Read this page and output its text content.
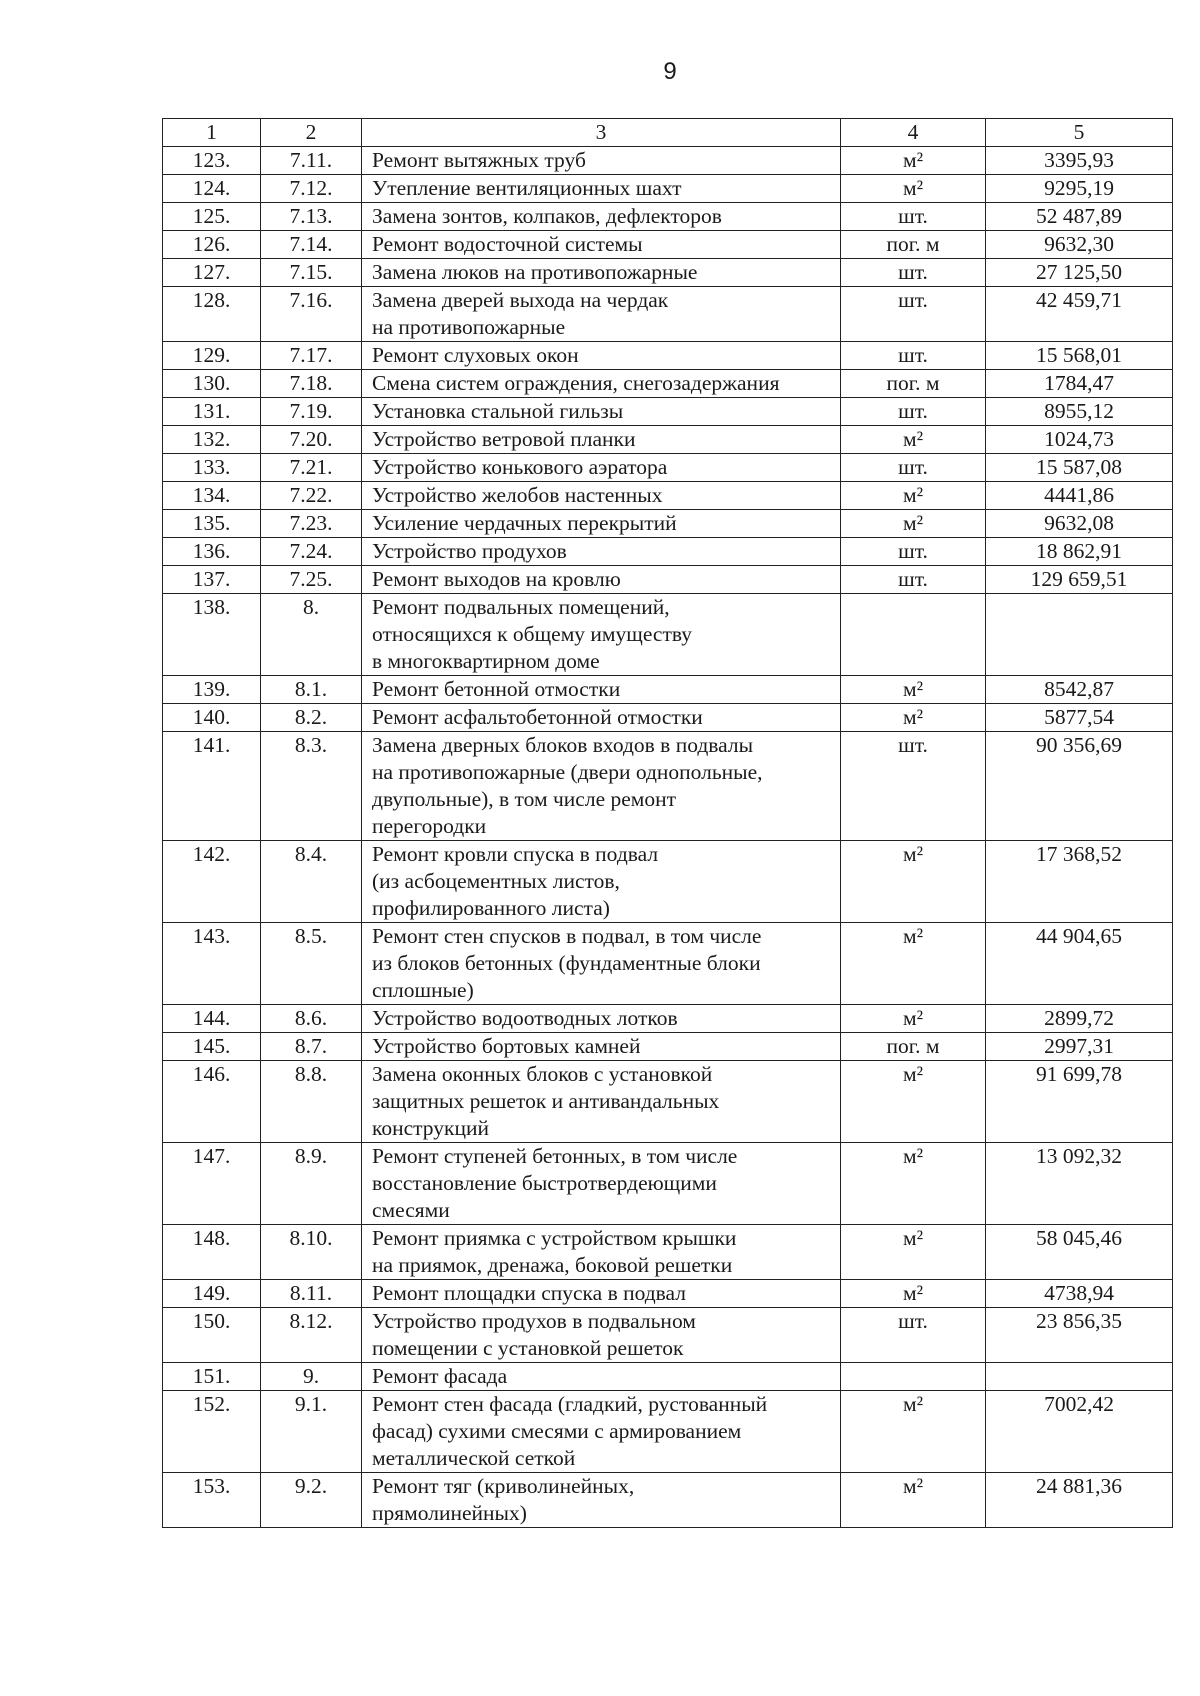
9
1	2	3	4	5
123.	7.11.	Ремонт вытяжных труб	м²	3395,93
124.	7.12.	Утепление вентиляционных шахт	м²	9295,19
125.	7.13.	Замена зонтов, колпаков, дефлекторов	шт.	52 487,89
126.	7.14.	Ремонт водосточной системы	пог. м	9632,30
127.	7.15.	Замена люков на противопожарные	шт.	27 125,50
128.	7.16.	Замена дверей выхода на чердак
на противопожарные	шт.	42 459,71
129.	7.17.	Ремонт слуховых окон	шт.	15 568,01
130.	7.18.	Смена систем ограждения, снегозадержания	пог. м	1784,47
131.	7.19.	Установка стальной гильзы	шт.	8955,12
132.	7.20.	Устройство ветровой планки	м²	1024,73
133.	7.21.	Устройство конькового аэратора	шт.	15 587,08
134.	7.22.	Устройство желобов настенных	м²	4441,86
135.	7.23.	Усиление чердачных перекрытий	м²	9632,08
136.	7.24.	Устройство продухов	шт.	18 862,91
137.	7.25.	Ремонт выходов на кровлю	шт.	129 659,51
138.	8.	Ремонт подвальных помещений,
относящихся к общему имуществу
в многоквартирном доме		
139.	8.1.	Ремонт бетонной отмостки	м²	8542,87
140.	8.2.	Ремонт асфальтобетонной отмостки	м²	5877,54
141.	8.3.	Замена дверных блоков входов в подвалы
на противопожарные (двери однопольные,
двупольные), в том числе ремонт
перегородки	шт.	90 356,69
142.	8.4.	Ремонт кровли спуска в подвал
(из асбоцементных листов,
профилированного листа)	м²	17 368,52
143.	8.5.	Ремонт стен спусков в подвал, в том числе
из блоков бетонных (фундаментные блоки
сплошные)	м²	44 904,65
144.	8.6.	Устройство водоотводных лотков	м²	2899,72
145.	8.7.	Устройство бортовых камней	пог. м	2997,31
146.	8.8.	Замена оконных блоков с установкой
защитных решеток и антивандальных
конструкций	м²	91 699,78
147.	8.9.	Ремонт ступеней бетонных, в том числе
восстановление быстротвердеющими
смесями	м²	13 092,32
148.	8.10.	Ремонт приямка с устройством крышки
на приямок, дренажа, боковой решетки	м²	58 045,46
149.	8.11.	Ремонт площадки спуска в подвал	м²	4738,94
150.	8.12.	Устройство продухов в подвальном
помещении с установкой решеток	шт.	23 856,35
151.	9.	Ремонт фасада		
152.	9.1.	Ремонт стен фасада (гладкий, рустованный
фасад) сухими смесями с армированием
металлической сеткой	м²	7002,42
153.	9.2.	Ремонт тяг (криволинейных,
прямолинейных)	м²	24 881,36
